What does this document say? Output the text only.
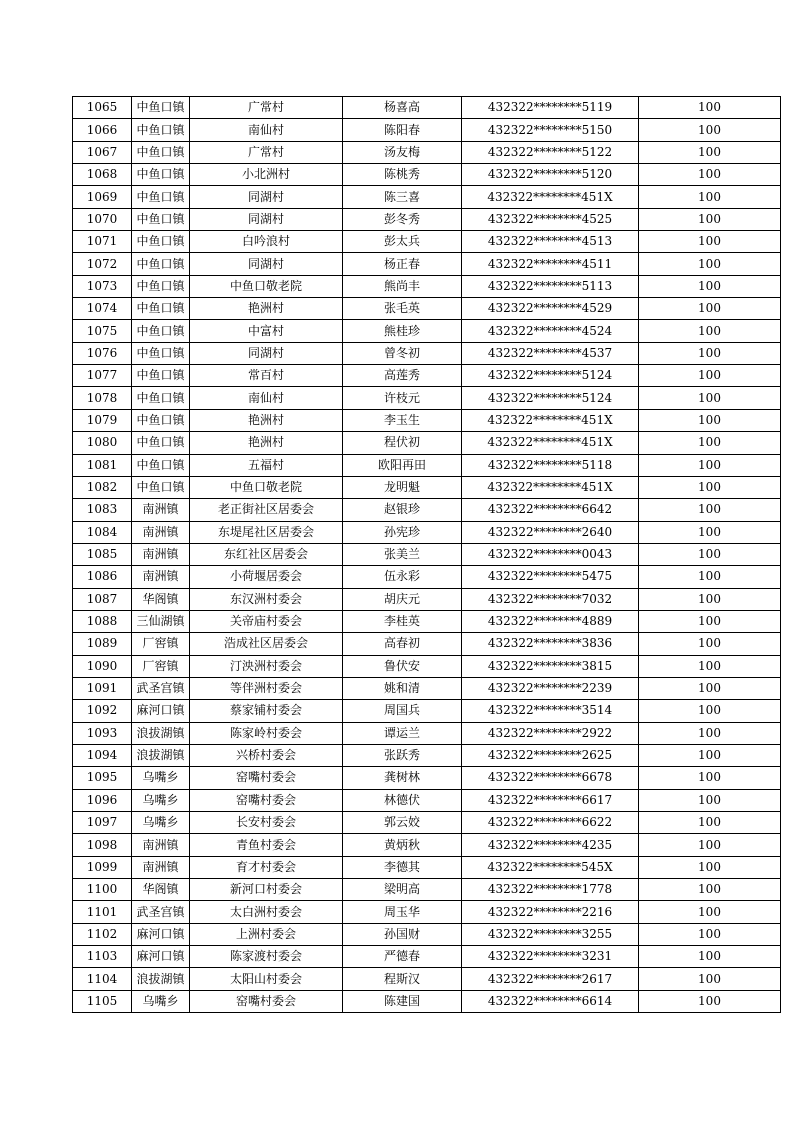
1065	中鱼口镇	广常村	杨喜高	432322********5119	100
1066	中鱼口镇	南仙村	陈阳春	432322********5150	100
1067	中鱼口镇	广常村	汤友梅	432322********5122	100
1068	中鱼口镇	小北洲村	陈桃秀	432322********5120	100
1069	中鱼口镇	同湖村	陈三喜	432322********451X	100
1070	中鱼口镇	同湖村	彭冬秀	432322********4525	100
1071	中鱼口镇	白吟浪村	彭太兵	432322********4513	100
1072	中鱼口镇	同湖村	杨正春	432322********4511	100
1073	中鱼口镇	中鱼口敬老院	熊尚丰	432322********5113	100
1074	中鱼口镇	艳洲村	张毛英	432322********4529	100
1075	中鱼口镇	中富村	熊桂珍	432322********4524	100
1076	中鱼口镇	同湖村	曾冬初	432322********4537	100
1077	中鱼口镇	常百村	高莲秀	432322********5124	100
1078	中鱼口镇	南仙村	许枝元	432322********5124	100
1079	中鱼口镇	艳洲村	李玉生	432322********451X	100
1080	中鱼口镇	艳洲村	程伏初	432322********451X	100
1081	中鱼口镇	五福村	欧阳再田	432322********5118	100
1082	中鱼口镇	中鱼口敬老院	龙明魁	432322********451X	100
1083	南洲镇	老正街社区居委会	赵银珍	432322********6642	100
1084	南洲镇	东堤尾社区居委会	孙宪珍	432322********2640	100
1085	南洲镇	东红社区居委会	张美兰	432322********0043	100
1086	南洲镇	小荷堰居委会	伍永彩	432322********5475	100
1087	华阁镇	东汉洲村委会	胡庆元	432322********7032	100
1088	三仙湖镇	关帝庙村委会	李桂英	432322********4889	100
1089	厂窖镇	浩成社区居委会	高春初	432322********3836	100
1090	厂窖镇	汀泱洲村委会	鲁伏安	432322********3815	100
1091	武圣宫镇	等伴洲村委会	姚和清	432322********2239	100
1092	麻河口镇	蔡家铺村委会	周国兵	432322********3514	100
1093	浪拔湖镇	陈家岭村委会	谭运兰	432322********2922	100
1094	浪拔湖镇	兴桥村委会	张跃秀	432322********2625	100
1095	乌嘴乡	窑嘴村委会	龚树林	432322********6678	100
1096	乌嘴乡	窑嘴村委会	林德伏	432322********6617	100
1097	乌嘴乡	长安村委会	郭云姣	432322********6622	100
1098	南洲镇	青鱼村委会	黄炳秋	432322********4235	100
1099	南洲镇	育才村委会	李德其	432322********545X	100
1100	华阁镇	新河口村委会	梁明高	432322********1778	100
1101	武圣宫镇	太白洲村委会	周玉华	432322********2216	100
1102	麻河口镇	上洲村委会	孙国财	432322********3255	100
1103	麻河口镇	陈家渡村委会	严德春	432322********3231	100
1104	浪拔湖镇	太阳山村委会	程斯汉	432322********2617	100
1105	乌嘴乡	窑嘴村委会	陈建国	432322********6614	100
